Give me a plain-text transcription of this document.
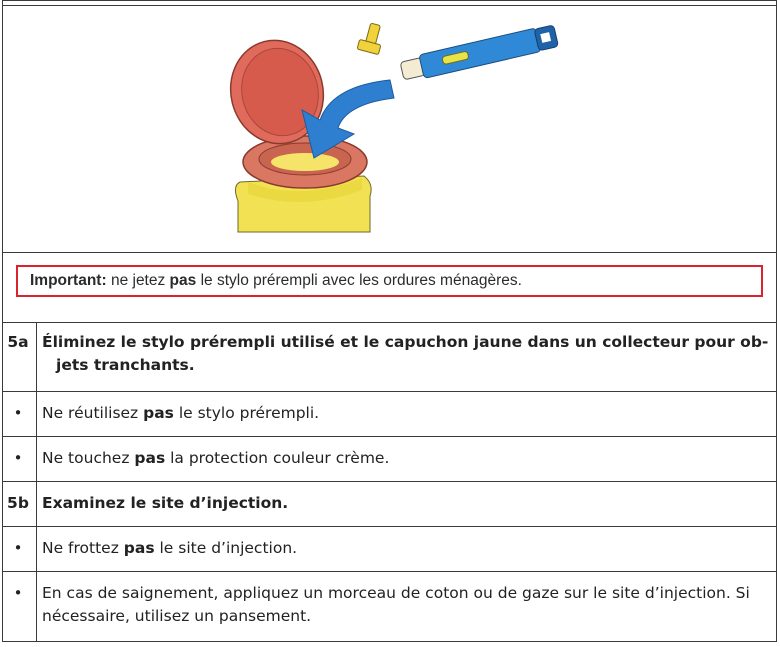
Important: ne jetez pas le stylo prérempli avec les ordures ménagères.
5a Éliminez le stylo prérempli utilisé et le capuchon jaune dans un collecteur pour ob-
jets tranchants.
•	Ne réutilisez pas le stylo prérempli.
•	Ne touchez pas la protection couleur crème.
5b Examinez le site d’injection.
•	Ne frottez pas le site d’injection.
•	En cas de saignement, appliquez un morceau de coton ou de gaze sur le site d’injection. Si
nécessaire, utilisez un pansement.
